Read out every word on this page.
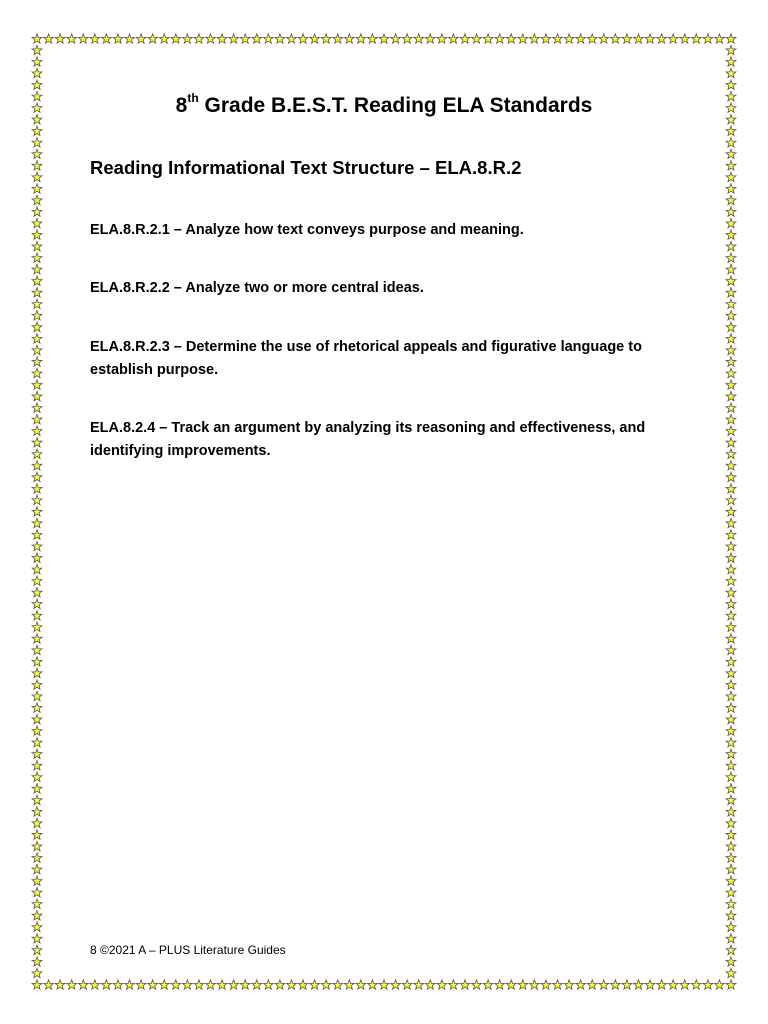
8th Grade B.E.S.T. Reading ELA Standards
Reading Informational Text Structure – ELA.8.R.2

ELA.8.R.2.1 – Analyze how text conveys purpose and meaning.

ELA.8.R.2.2 – Analyze two or more central ideas.

ELA.8.R.2.3 – Determine the use of rhetorical appeals and figurative language to establish purpose.

ELA.8.2.4 – Track an argument by analyzing its reasoning and effectiveness, and identifying improvements.

8 ©2021 A – PLUS Literature Guides
